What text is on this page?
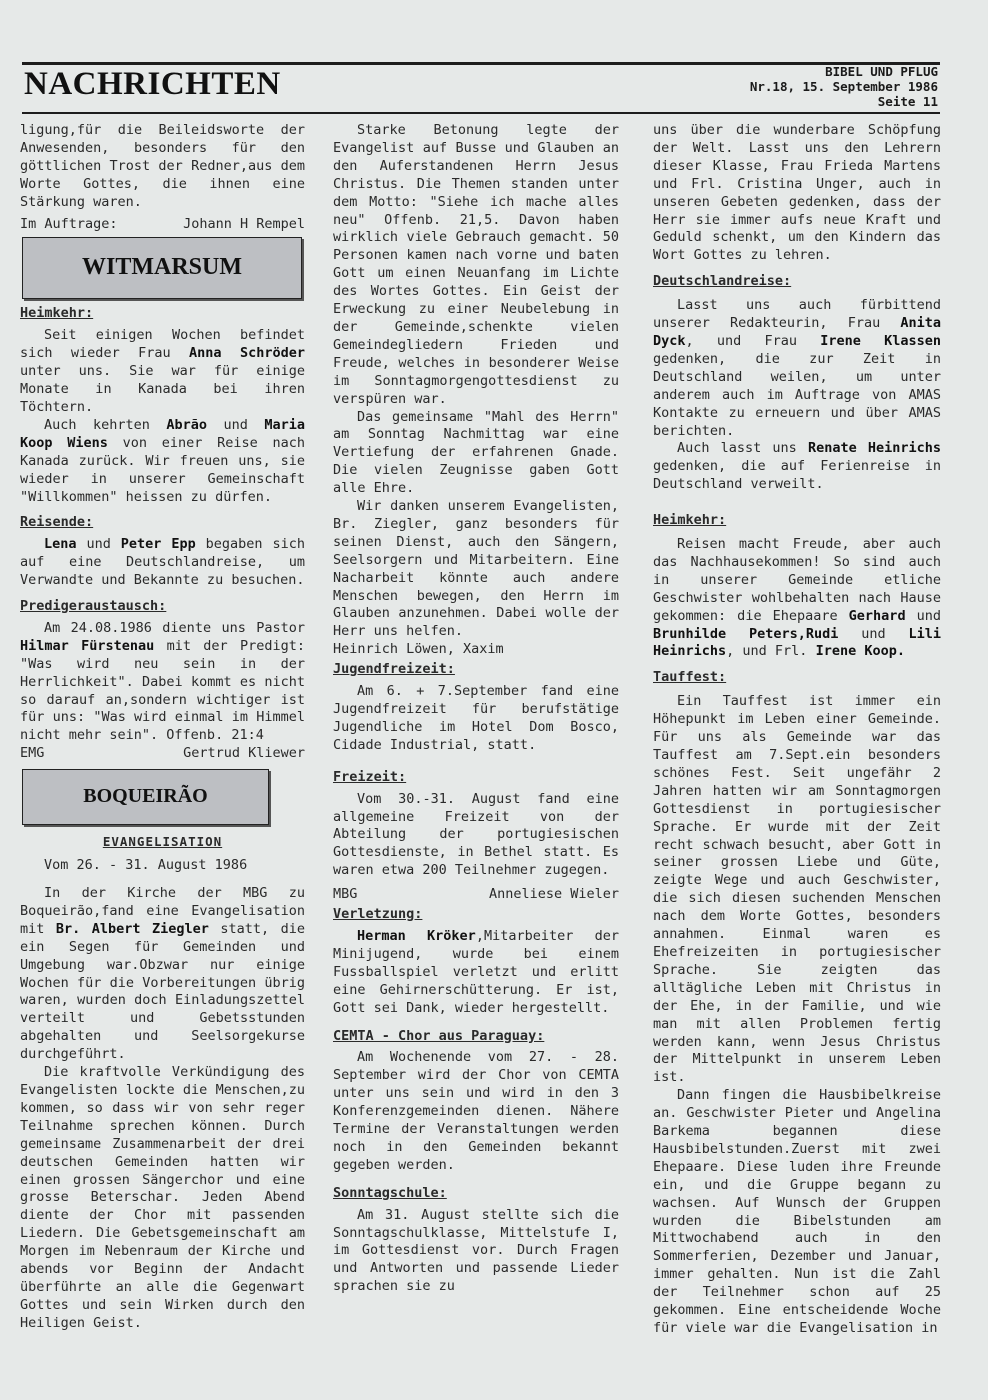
NACHRICHTEN	BIBEL UND PFLUG
Nr.18, 15. September 1986
Seite 11

ligung,für die Beileidsworte der Anwesenden, besonders für den göttlichen Trost der Redner,aus dem Worte Gottes, die ihnen eine Stärkung waren.

Im Auftrage:	Johann H Rempel
WITMARSUM
Heimkehr:

Seit einigen Wochen befindet sich wieder Frau Anna Schröder unter uns. Sie war für einige Monate in Kanada bei ihren Töchtern.

Auch kehrten Abrão und Maria Koop Wiens von einer Reise nach Kanada zurück. Wir freuen uns, sie wieder in unserer Gemeinschaft "Willkommen" heissen zu dürfen.

Reisende:

Lena und Peter Epp begaben sich auf eine Deutschlandreise, um Verwandte und Bekannte zu besuchen.

Predigeraustausch:

Am 24.08.1986 diente uns Pastor Hilmar Fürstenau mit der Predigt: "Was wird neu sein in der Herrlichkeit". Dabei kommt es nicht so darauf an,sondern wichtiger ist für uns: "Was wird einmal im Himmel nicht mehr sein". Offenb. 21:4

EMG	Gertrud Kliewer
BOQUEIRÃO
EVANGELISATION

Vom 26. - 31. August 1986

In der Kirche der MBG zu Boqueirão,fand eine Evangelisation mit Br. Albert Ziegler statt, die ein Segen für Gemeinden und Umgebung war.Obzwar nur einige Wochen für die Vorbereitungen übrig waren, wurden doch Einladungszettel verteilt und Gebetsstunden abgehalten und Seelsorgekurse durchgeführt.

Die kraftvolle Verkündigung des Evangelisten lockte die Menschen,zu kommen, so dass wir von sehr reger Teilnahme sprechen können. Durch gemeinsame Zusammenarbeit der drei deutschen Gemeinden hatten wir einen grossen Sängerchor und eine grosse Beterschar. Jeden Abend diente der Chor mit passenden Liedern. Die Gebetsgemeinschaft am Morgen im Nebenraum der Kirche und abends vor Beginn der Andacht überführte an alle die Gegenwart Gottes und sein Wirken durch den Heiligen Geist.

Starke Betonung legte der Evangelist auf Busse und Glauben an den Auferstandenen Herrn Jesus Christus. Die Themen standen unter dem Motto: "Siehe ich mache alles neu" Offenb. 21,5. Davon haben wirklich viele Gebrauch gemacht. 50 Personen kamen nach vorne und baten Gott um einen Neuanfang im Lichte des Wortes Gottes. Ein Geist der Erweckung zu einer Neubelebung in der Gemeinde,schenkte vielen Gemeindegliedern Frieden und Freude, welches in besonderer Weise im Sonntagmorgengottesdienst zu verspüren war.

Das gemeinsame "Mahl des Herrn" am Sonntag Nachmittag war eine Vertiefung der erfahrenen Gnade. Die vielen Zeugnisse gaben Gott alle Ehre.

Wir danken unserem Evangelisten, Br. Ziegler, ganz besonders für seinen Dienst, auch den Sängern, Seelsorgern und Mitarbeitern. Eine Nacharbeit könnte auch andere Menschen bewegen, den Herrn im Glauben anzunehmen. Dabei wolle der Herr uns helfen.

Heinrich Löwen, Xaxim

Jugendfreizeit:

Am 6. + 7.September fand eine Jugendfreizeit für berufstätige Jugendliche im Hotel Dom Bosco, Cidade Industrial, statt.

Freizeit:

Vom 30.-31. August fand eine allgemeine Freizeit von der Abteilung der portugiesischen Gottesdienste, in Bethel statt. Es waren etwa 200 Teilnehmer zugegen.

MBG	Anneliese Wieler
Verletzung:

Herman Kröker,Mitarbeiter der Minijugend, wurde bei einem Fussballspiel verletzt und erlitt eine Gehirnerschütterung. Er ist, Gott sei Dank, wieder hergestellt.

CEMTA - Chor aus Paraguay:

Am Wochenende vom 27. - 28. September wird der Chor von CEMTA unter uns sein und wird in den 3 Konferenzgemeinden dienen. Nähere Termine der Veranstaltungen werden noch in den Gemeinden bekannt gegeben werden.

Sonntagschule:

Am 31. August stellte sich die Sonntagschulklasse, Mittelstufe I, im Gottesdienst vor. Durch Fragen und Antworten und passende Lieder sprachen sie zu

uns über die wunderbare Schöpfung der Welt. Lasst uns den Lehrern dieser Klasse, Frau Frieda Martens und Frl. Cristina Unger, auch in unseren Gebeten gedenken, dass der Herr sie immer aufs neue Kraft und Geduld schenkt, um den Kindern das Wort Gottes zu lehren.

Deutschlandreise:

Lasst uns auch fürbittend unserer Redakteurin, Frau Anita Dyck, und Frau Irene Klassen gedenken, die zur Zeit in Deutschland weilen, um unter anderem auch im Auftrage von AMAS Kontakte zu erneuern und über AMAS berichten.

Auch lasst uns Renate Heinrichs gedenken, die auf Ferienreise in Deutschland verweilt.

Heimkehr:

Reisen macht Freude, aber auch das Nachhausekommen! So sind auch in unserer Gemeinde etliche Geschwister wohlbehalten nach Hause gekommen: die Ehepaare Gerhard und Brunhilde Peters,Rudi und Lili Heinrichs, und Frl. Irene Koop.

Tauffest:

Ein Tauffest ist immer ein Höhepunkt im Leben einer Gemeinde. Für uns als Gemeinde war das Tauffest am 7.Sept.ein besonders schönes Fest. Seit ungefähr 2 Jahren hatten wir am Sonntagmorgen Gottesdienst in portugiesischer Sprache. Er wurde mit der Zeit recht schwach besucht, aber Gott in seiner grossen Liebe und Güte, zeigte Wege und auch Geschwister, die sich diesen suchenden Menschen nach dem Worte Gottes, besonders annahmen. Einmal waren es Ehefreizeiten in portugiesischer Sprache. Sie zeigten das alltägliche Leben mit Christus in der Ehe, in der Familie, und wie man mit allen Problemen fertig werden kann, wenn Jesus Christus der Mittelpunkt in unserem Leben ist.

Dann fingen die Hausbibelkreise an. Geschwister Pieter und Angelina Barkema begannen diese Hausbibelstunden.Zuerst mit zwei Ehepaare. Diese luden ihre Freunde ein, und die Gruppe begann zu wachsen. Auf Wunsch der Gruppen wurden die Bibelstunden am Mittwochabend auch in den Sommerferien, Dezember und Januar, immer gehalten. Nun ist die Zahl der Teilnehmer schon auf 25 gekommen. Eine entscheidende Woche für viele war die Evangelisation in
